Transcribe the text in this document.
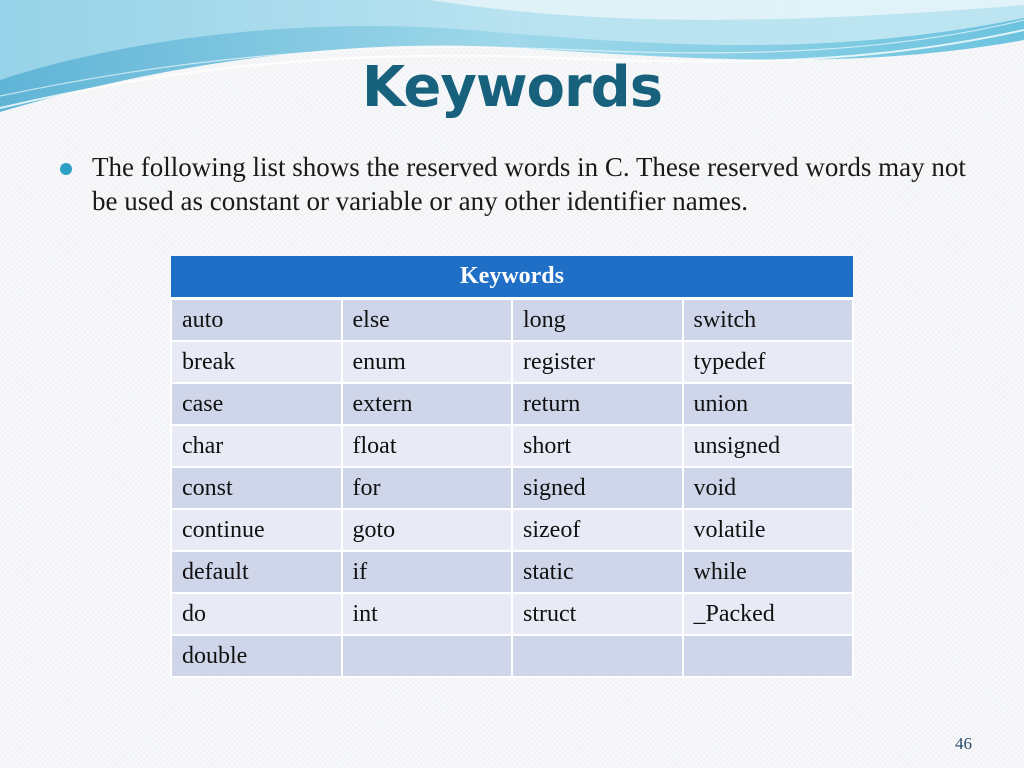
Keywords
The following list shows the reserved words in C. These reserved words may not be used as constant or variable or any other identifier names.
Keywords			
auto	else	long	switch
break	enum	register	typedef
case	extern	return	union
char	float	short	unsigned
const	for	signed	void
continue	goto	sizeof	volatile
default	if	static	while
do	int	struct	_Packed
double			
46
